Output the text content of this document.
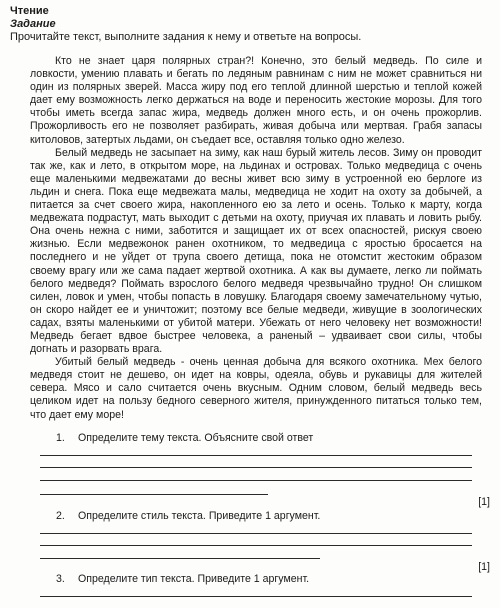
Чтение
Задание
Прочитайте текст, выполните задания к нему и ответьте на вопросы.

Кто не знает царя полярных стран?! Конечно, это белый медведь. По силе и ловкости, умению плавать и бегать по ледяным равнинам с ним не может сравниться ни один из полярных зверей. Масса жиру под его теплой длинной шерстью и теплой кожей дает ему возможность легко держаться на воде и переносить жестокие морозы. Для того чтобы иметь всегда запас жира, медведь должен много есть, и он очень прожорлив. Прожорливость его не позволяет разбирать, живая добыча или мертвая. Грабя запасы китоловов, затертых льдами, он съедает все, оставляя только одно железо.

Белый медведь не засыпает на зиму, как наш бурый житель лесов. Зиму он проводит так же, как и лето, в открытом море, на льдинах и островах. Только медведица с очень еще маленькими медвежатами до весны живет всю зиму в устроенной ею берлоге из льдин и снега. Пока еще медвежата малы, медведица не ходит на охоту за добычей, а питается за счет своего жира, накопленного ею за лето и осень. Только к марту, когда медвежата подрастут, мать выходит с детьми на охоту, приучая их плавать и ловить рыбу. Она очень нежна с ними, заботится и защищает их от всех опасностей, рискуя своею жизнью. Если медвежонок ранен охотником, то медведица с яростью бросается на последнего и не уйдет от трупа своего детища, пока не отомстит жестоким образом своему врагу или же сама падает жертвой охотника. А как вы думаете, легко ли поймать белого медведя? Поймать взрослого белого медведя чрезвычайно трудно! Он слишком силен, ловок и умен, чтобы попасть в ловушку. Благодаря своему замечательному чутью, он скоро найдет ее и уничтожит; поэтому все белые медведи, живущие в зоологических садах, взяты маленькими от убитой матери. Убежать от него человеку нет возможности! Медведь бегает вдвое быстрее человека, а раненый – удваивает свои силы, чтобы догнать и разорвать врага.

Убитый белый медведь - очень ценная добыча для всякого охотника. Мех белого медведя стоит не дешево, он идет на ковры, одеяла, обувь и рукавицы для жителей севера. Мясо и сало считается очень вкусным. Одним словом, белый медведь весь целиком идет на пользу бедного северного жителя, принужденного питаться только тем, что дает ему море!

1. Определите тему текста. Объясните свой ответ
[1]
2. Определите стиль текста. Приведите 1 аргумент.
[1]
3. Определите тип текста. Приведите 1 аргумент.
